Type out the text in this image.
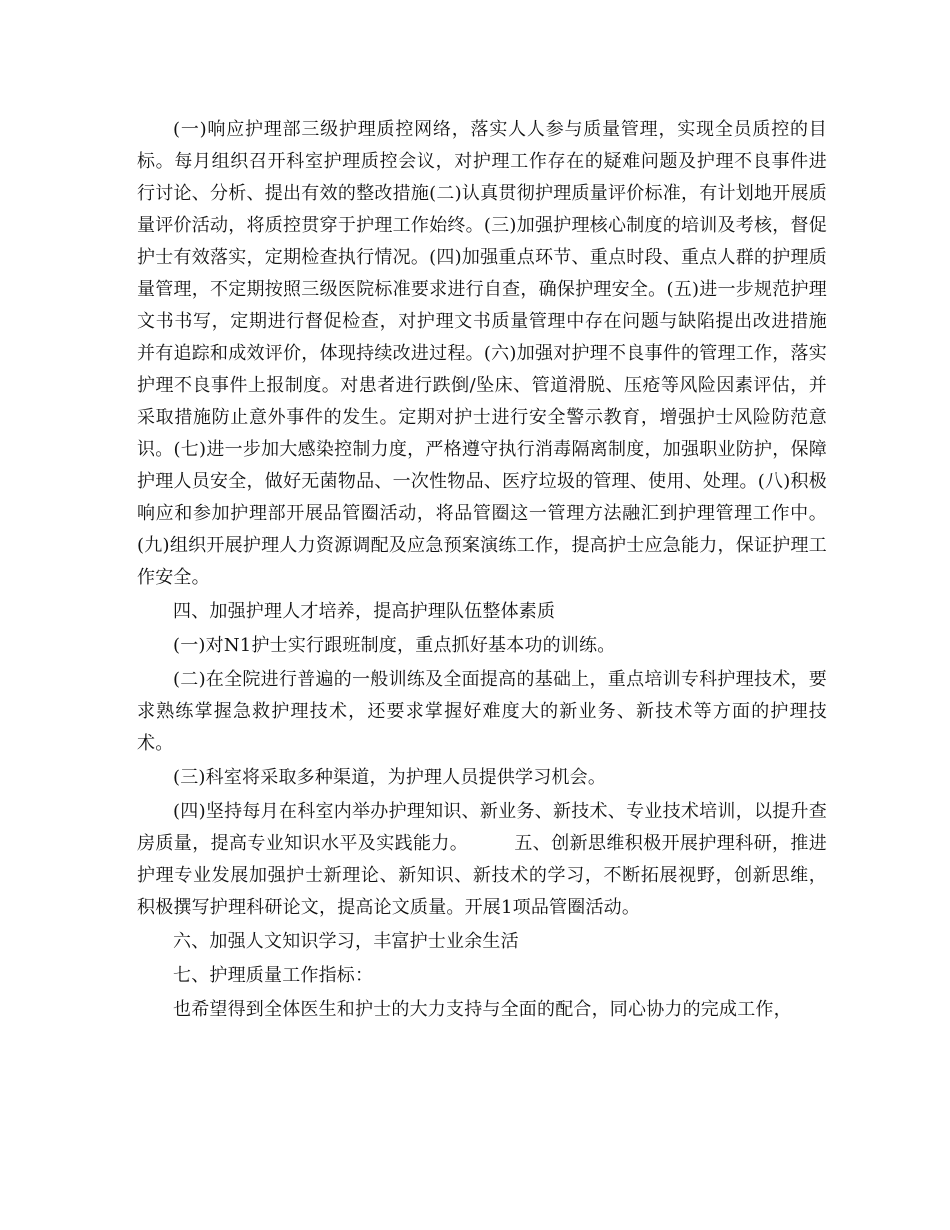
(一)响应护理部三级护理质控网络，落实人人参与质量管理，实现全员质控的目标。每月组织召开科室护理质控会议，对护理工作存在的疑难问题及护理不良事件进行讨论、分析、提出有效的整改措施(二)认真贯彻护理质量评价标准，有计划地开展质量评价活动，将质控贯穿于护理工作始终。(三)加强护理核心制度的培训及考核，督促护士有效落实，定期检查执行情况。(四)加强重点环节、重点时段、重点人群的护理质量管理，不定期按照三级医院标准要求进行自查，确保护理安全。(五)进一步规范护理文书书写，定期进行督促检查，对护理文书质量管理中存在问题与缺陷提出改进措施并有追踪和成效评价，体现持续改进过程。(六)加强对护理不良事件的管理工作，落实护理不良事件上报制度。对患者进行跌倒/坠床、管道滑脱、压疮等风险因素评估，并采取措施防止意外事件的发生。定期对护士进行安全警示教育，增强护士风险防范意识。(七)进一步加大感染控制力度，严格遵守执行消毒隔离制度，加强职业防护，保障护理人员安全，做好无菌物品、一次性物品、医疗垃圾的管理、使用、处理。(八)积极响应和参加护理部开展品管圈活动，将品管圈这一管理方法融汇到护理管理工作中。(九)组织开展护理人力资源调配及应急预案演练工作，提高护士应急能力，保证护理工作安全。

四、加强护理人才培养，提高护理队伍整体素质

(一)对N1护士实行跟班制度，重点抓好基本功的训练。

(二)在全院进行普遍的一般训练及全面提高的基础上，重点培训专科护理技术，要求熟练掌握急救护理技术，还要求掌握好难度大的新业务、新技术等方面的护理技术。

(三)科室将采取多种渠道，为护理人员提供学习机会。

(四)坚持每月在科室内举办护理知识、新业务、新技术、专业技术培训，以提升查房质量，提高专业知识水平及实践能力。　　　五、创新思维积极开展护理科研，推进护理专业发展加强护士新理论、新知识、新技术的学习，不断拓展视野，创新思维，积极撰写护理科研论文，提高论文质量。开展1项品管圈活动。

六、加强人文知识学习，丰富护士业余生活

七、护理质量工作指标：

也希望得到全体医生和护士的大力支持与全面的配合，同心协力的完成工作，
